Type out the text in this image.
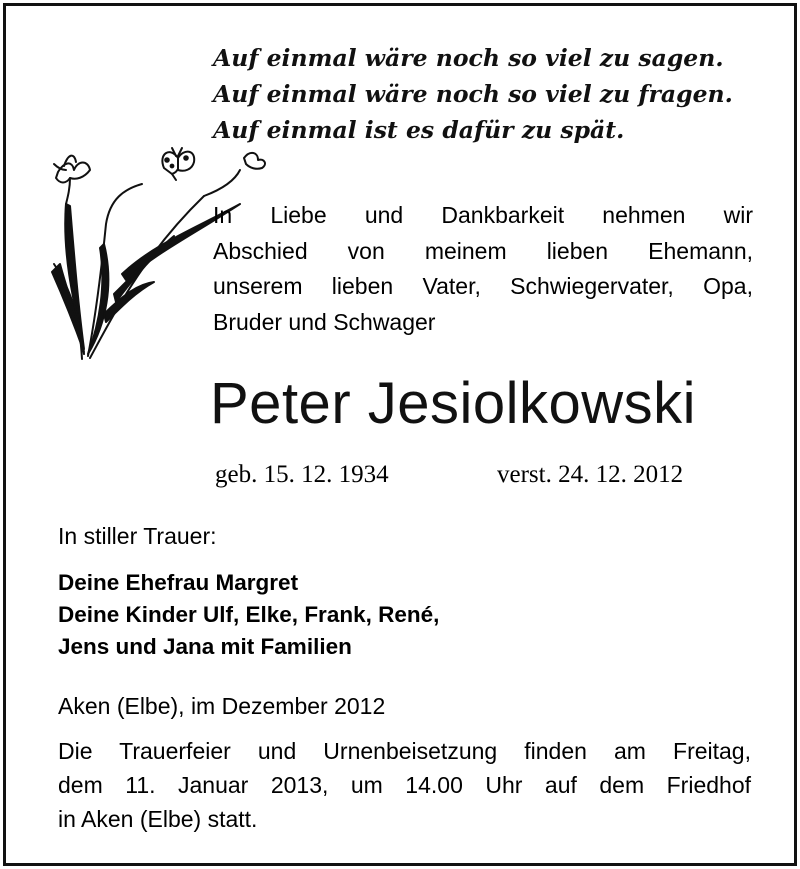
Auf einmal wäre noch so viel zu sagen.
Auf einmal wäre noch so viel zu fragen.
Auf einmal ist es dafür zu spät.
In Liebe und Dankbarkeit nehmen wir
Abschied von meinem lieben Ehemann,
unserem lieben Vater, Schwiegervater, Opa,
Bruder und Schwager
Peter Jesiolkowski
geb. 15. 12. 1934	verst. 24. 12. 2012
In stiller Trauer:
Deine Ehefrau Margret
Deine Kinder Ulf, Elke, Frank, René,
Jens und Jana mit Familien
Aken (Elbe), im Dezember 2012
Die Trauerfeier und Urnenbeisetzung finden am Freitag,
dem 11. Januar 2013, um 14.00 Uhr auf dem Friedhof
in Aken (Elbe) statt.
